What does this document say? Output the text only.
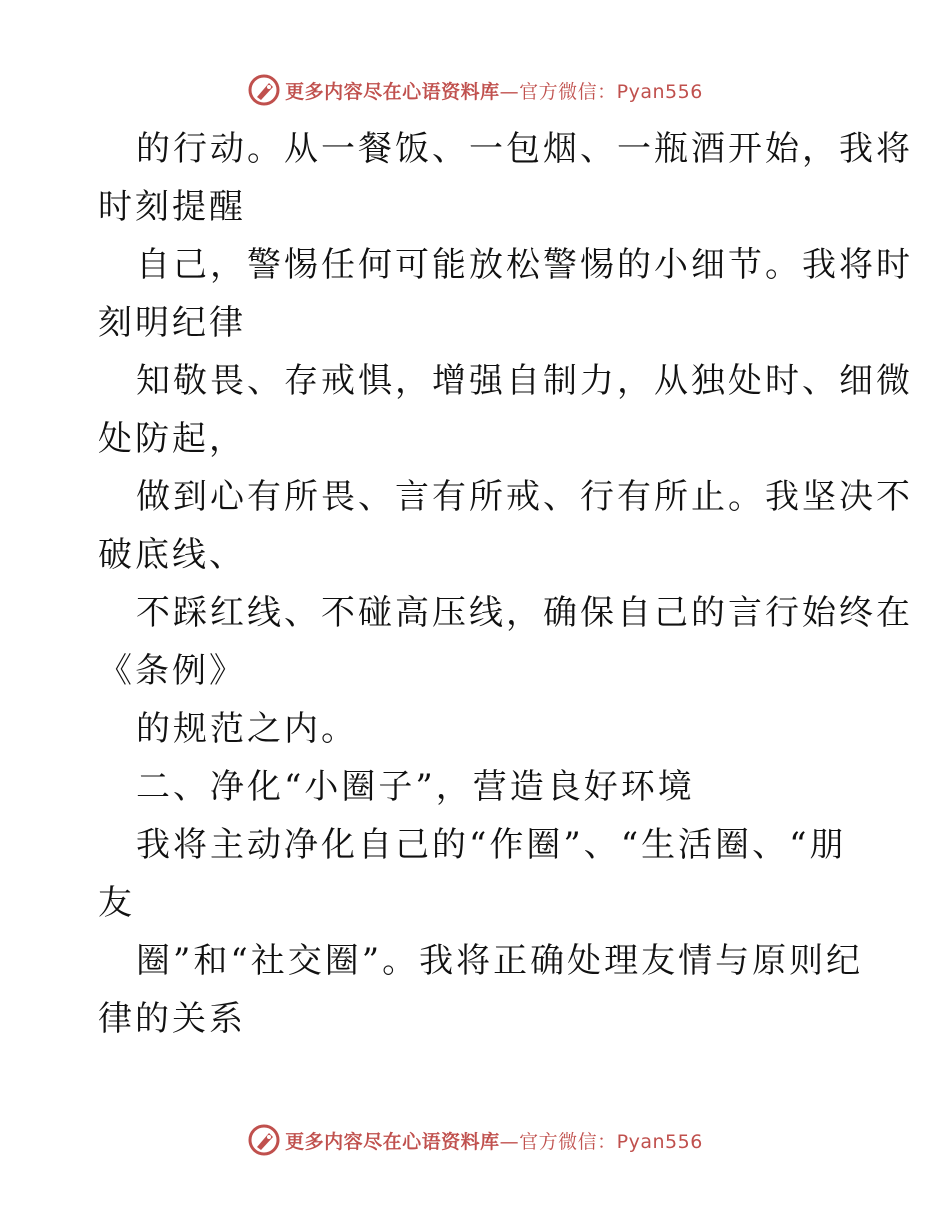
更多内容尽在心语资料库—官方微信：Pyan556
的行动。从一餐饭、一包烟、一瓶酒开始，我将
时刻提醒
自己，警惕任何可能放松警惕的小细节。我将时
刻明纪律
知敬畏、存戒惧，增强自制力，从独处时、细微
处防起，
做到心有所畏、言有所戒、行有所止。我坚决不
破底线、
不踩红线、不碰高压线，确保自己的言行始终在
《条例》
的规范之内。
二、净化“小圈子”，营造良好环境
我将主动净化自己的“作圈”、“生活圈、“朋
友
圈”和“社交圈”。我将正确处理友情与原则纪
律的关系
更多内容尽在心语资料库—官方微信：Pyan556
